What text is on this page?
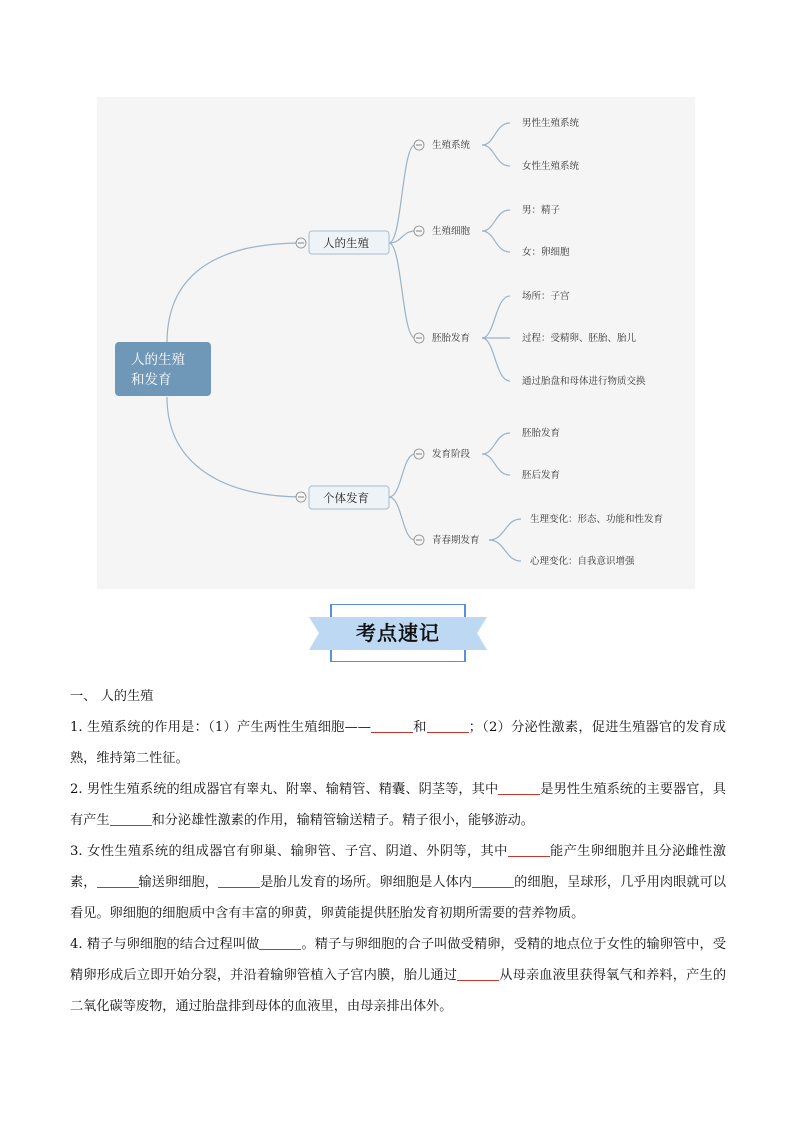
人的生殖
和发育
人的生殖
个体发育
生殖系统
生殖细胞
胚胎发育
发育阶段
青春期发育
男性生殖系统
女性生殖系统
男：精子
女：卵细胞
场所：子宫
过程：受精卵、胚胎、胎儿
通过胎盘和母体进行物质交换
胚胎发育
胚后发育
生理变化：形态、功能和性发育
心理变化：自我意识增强
考点速记
一、 人的生殖
1. 生殖系统的作用是：（1）产生两性生殖细胞——	和	；（2）分泌性激素，促进生殖器官的发育成熟，维持第二性征。
2. 男性生殖系统的组成器官有睾丸、附睾、输精管、精囊、阴茎等，其中	是男性生殖系统的主要器官，具有产生	和分泌雄性激素的作用，输精管输送精子。精子很小，能够游动。
3. 女性生殖系统的组成器官有卵巢、输卵管、子宫、阴道、外阴等，其中	能产生卵细胞并且分泌雌性激素，	输送卵细胞，	是胎儿发育的场所。卵细胞是人体内	的细胞，呈球形，几乎用肉眼就可以看见。卵细胞的细胞质中含有丰富的卵黄，卵黄能提供胚胎发育初期所需要的营养物质。
4. 精子与卵细胞的结合过程叫做	。精子与卵细胞的合子叫做受精卵，受精的地点位于女性的输卵管中，受精卵形成后立即开始分裂，并沿着输卵管植入子宫内膜，胎儿通过	从母亲血液里获得氧气和养料，产生的二氧化碳等废物，通过胎盘排到母体的血液里，由母亲排出体外。
